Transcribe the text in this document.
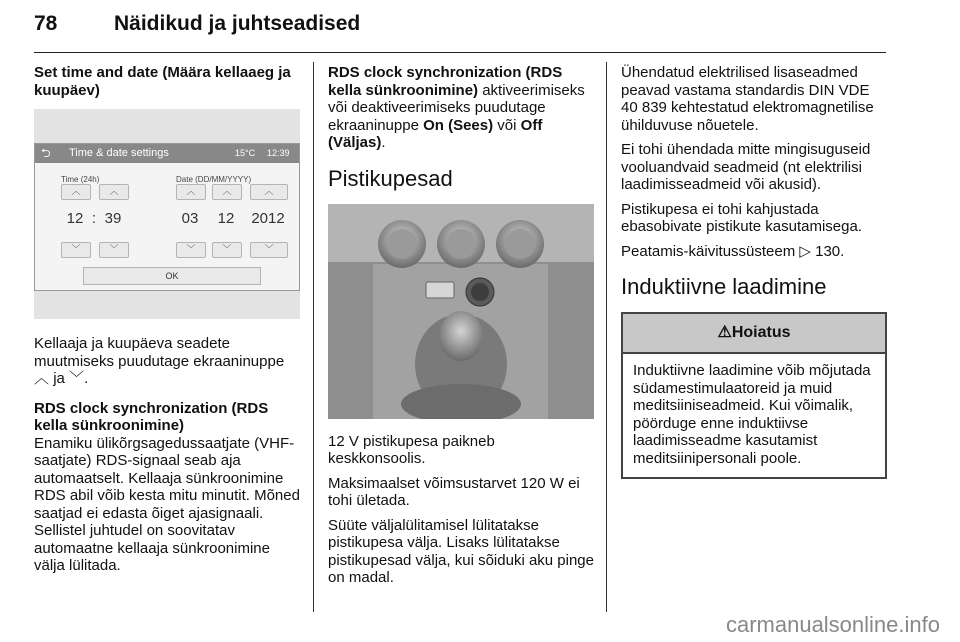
78	Näidikud ja juhtseadised

Set time and date (Määra kellaaeg ja kuupäev)

⮌ Time & date settings	15°C 12:39
Time (24h)	Date (DD/MM/YYYY)
︿	︿	︿	︿	︿
12 : 39	03	12	2012
﹀	﹀	﹀	﹀	﹀
OK

Kellaaja ja kuupäeva seadete muutmiseks puudutage ekraaninuppe ︿ ja ﹀.

RDS clock synchronization (RDS kella sünkroonimine)

Enamiku ülikõrgsagedussaatjate (VHF-saatjate) RDS-signaal seab aja automaatselt. Kellaaja sünkroonimine RDS abil võib kesta mitu minutit. Mõned saatjad ei edasta õiget ajasignaali. Sellistel juhtudel on soovitatav automaatne kellaaja sünkroonimine välja lülitada.

RDS clock synchronization (RDS kella sünkroonimine) aktiveerimiseks või deaktiveerimiseks puudutage ekraaninuppe On (Sees) või Off (Väljas).

Pistikupesad

12 V pistikupesa paikneb keskkonsoolis.

Maksimaalset võimsustarvet 120 W ei tohi ületada.

Süüte väljalülitamisel lülitatakse pistikupesa välja. Lisaks lülitatakse pistikupesad välja, kui sõiduki aku pinge on madal.

Ühendatud elektrilised lisaseadmed peavad vastama standardis DIN VDE 40 839 kehtestatud elektromagnetilise ühilduvuse nõuetele.

Ei tohi ühendada mitte mingisuguseid vooluandvaid seadmeid (nt elektrilisi laadimisseadmeid või akusid).

Pistikupesa ei tohi kahjustada ebasobivate pistikute kasutamisega.

Peatamis-käivitussüsteem ▷ 130.

Induktiivne laadimine
⚠Hoiatus

Induktiivne laadimine võib mõjutada südamestimulaatoreid ja muid meditsiiniseadmeid. Kui võimalik, pöörduge enne induktiivse laadimisseadme kasutamist meditsiinipersonali poole.

carmanualsonline.info
